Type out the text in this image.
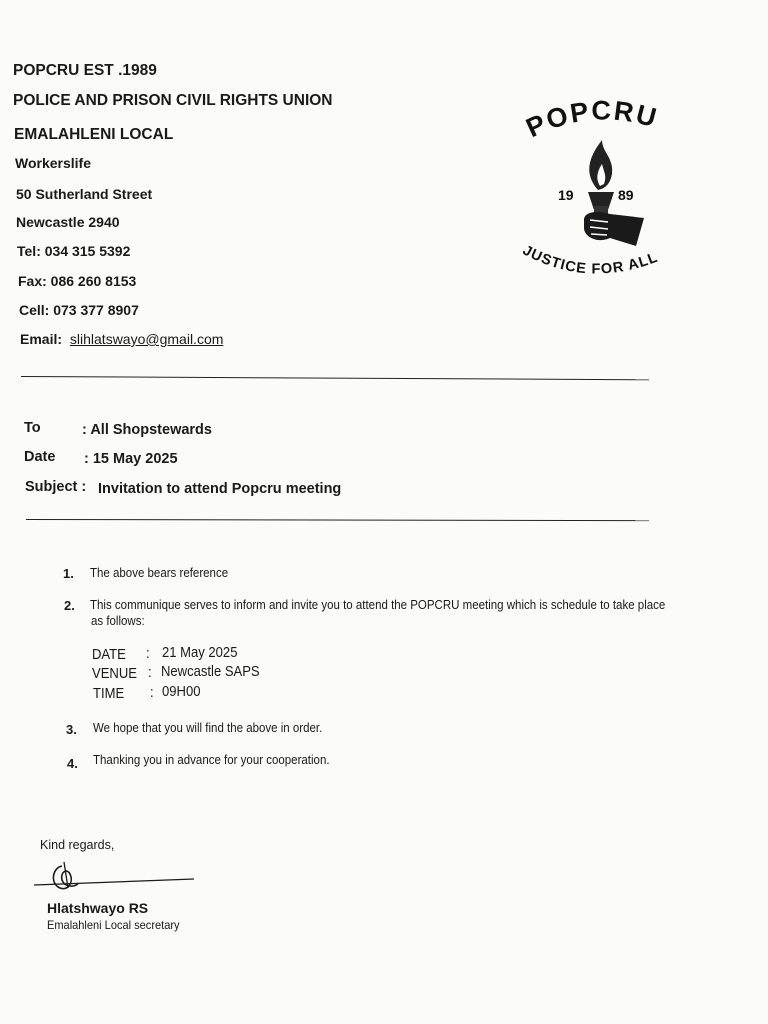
POPCRU EST .1989
POLICE AND PRISON CIVIL RIGHTS UNION
EMALAHLENI LOCAL
Workerslife
50 Sutherland Street
Newcastle 2940
Tel: 034 315 5392
Fax: 086 260 8153
Cell: 073 377 8907
Email: slihlatswayo@gmail.com
POPCRU
19	89
JUSTICE FOR ALL
To	: All Shopstewards
Date : 15 May 2025
Subject : Invitation to attend Popcru meeting
1. The above bears reference
2. This communique serves to inform and invite you to attend the POPCRU meeting which is schedule to take place
as follows:
DATE : 21 May 2025
VENUE : Newcastle SAPS
TIME : 09H00
3. We hope that you will find the above in order.
4. Thanking you in advance for your cooperation.
Kind regards,
Hlatshwayo RS
Emalahleni Local secretary
